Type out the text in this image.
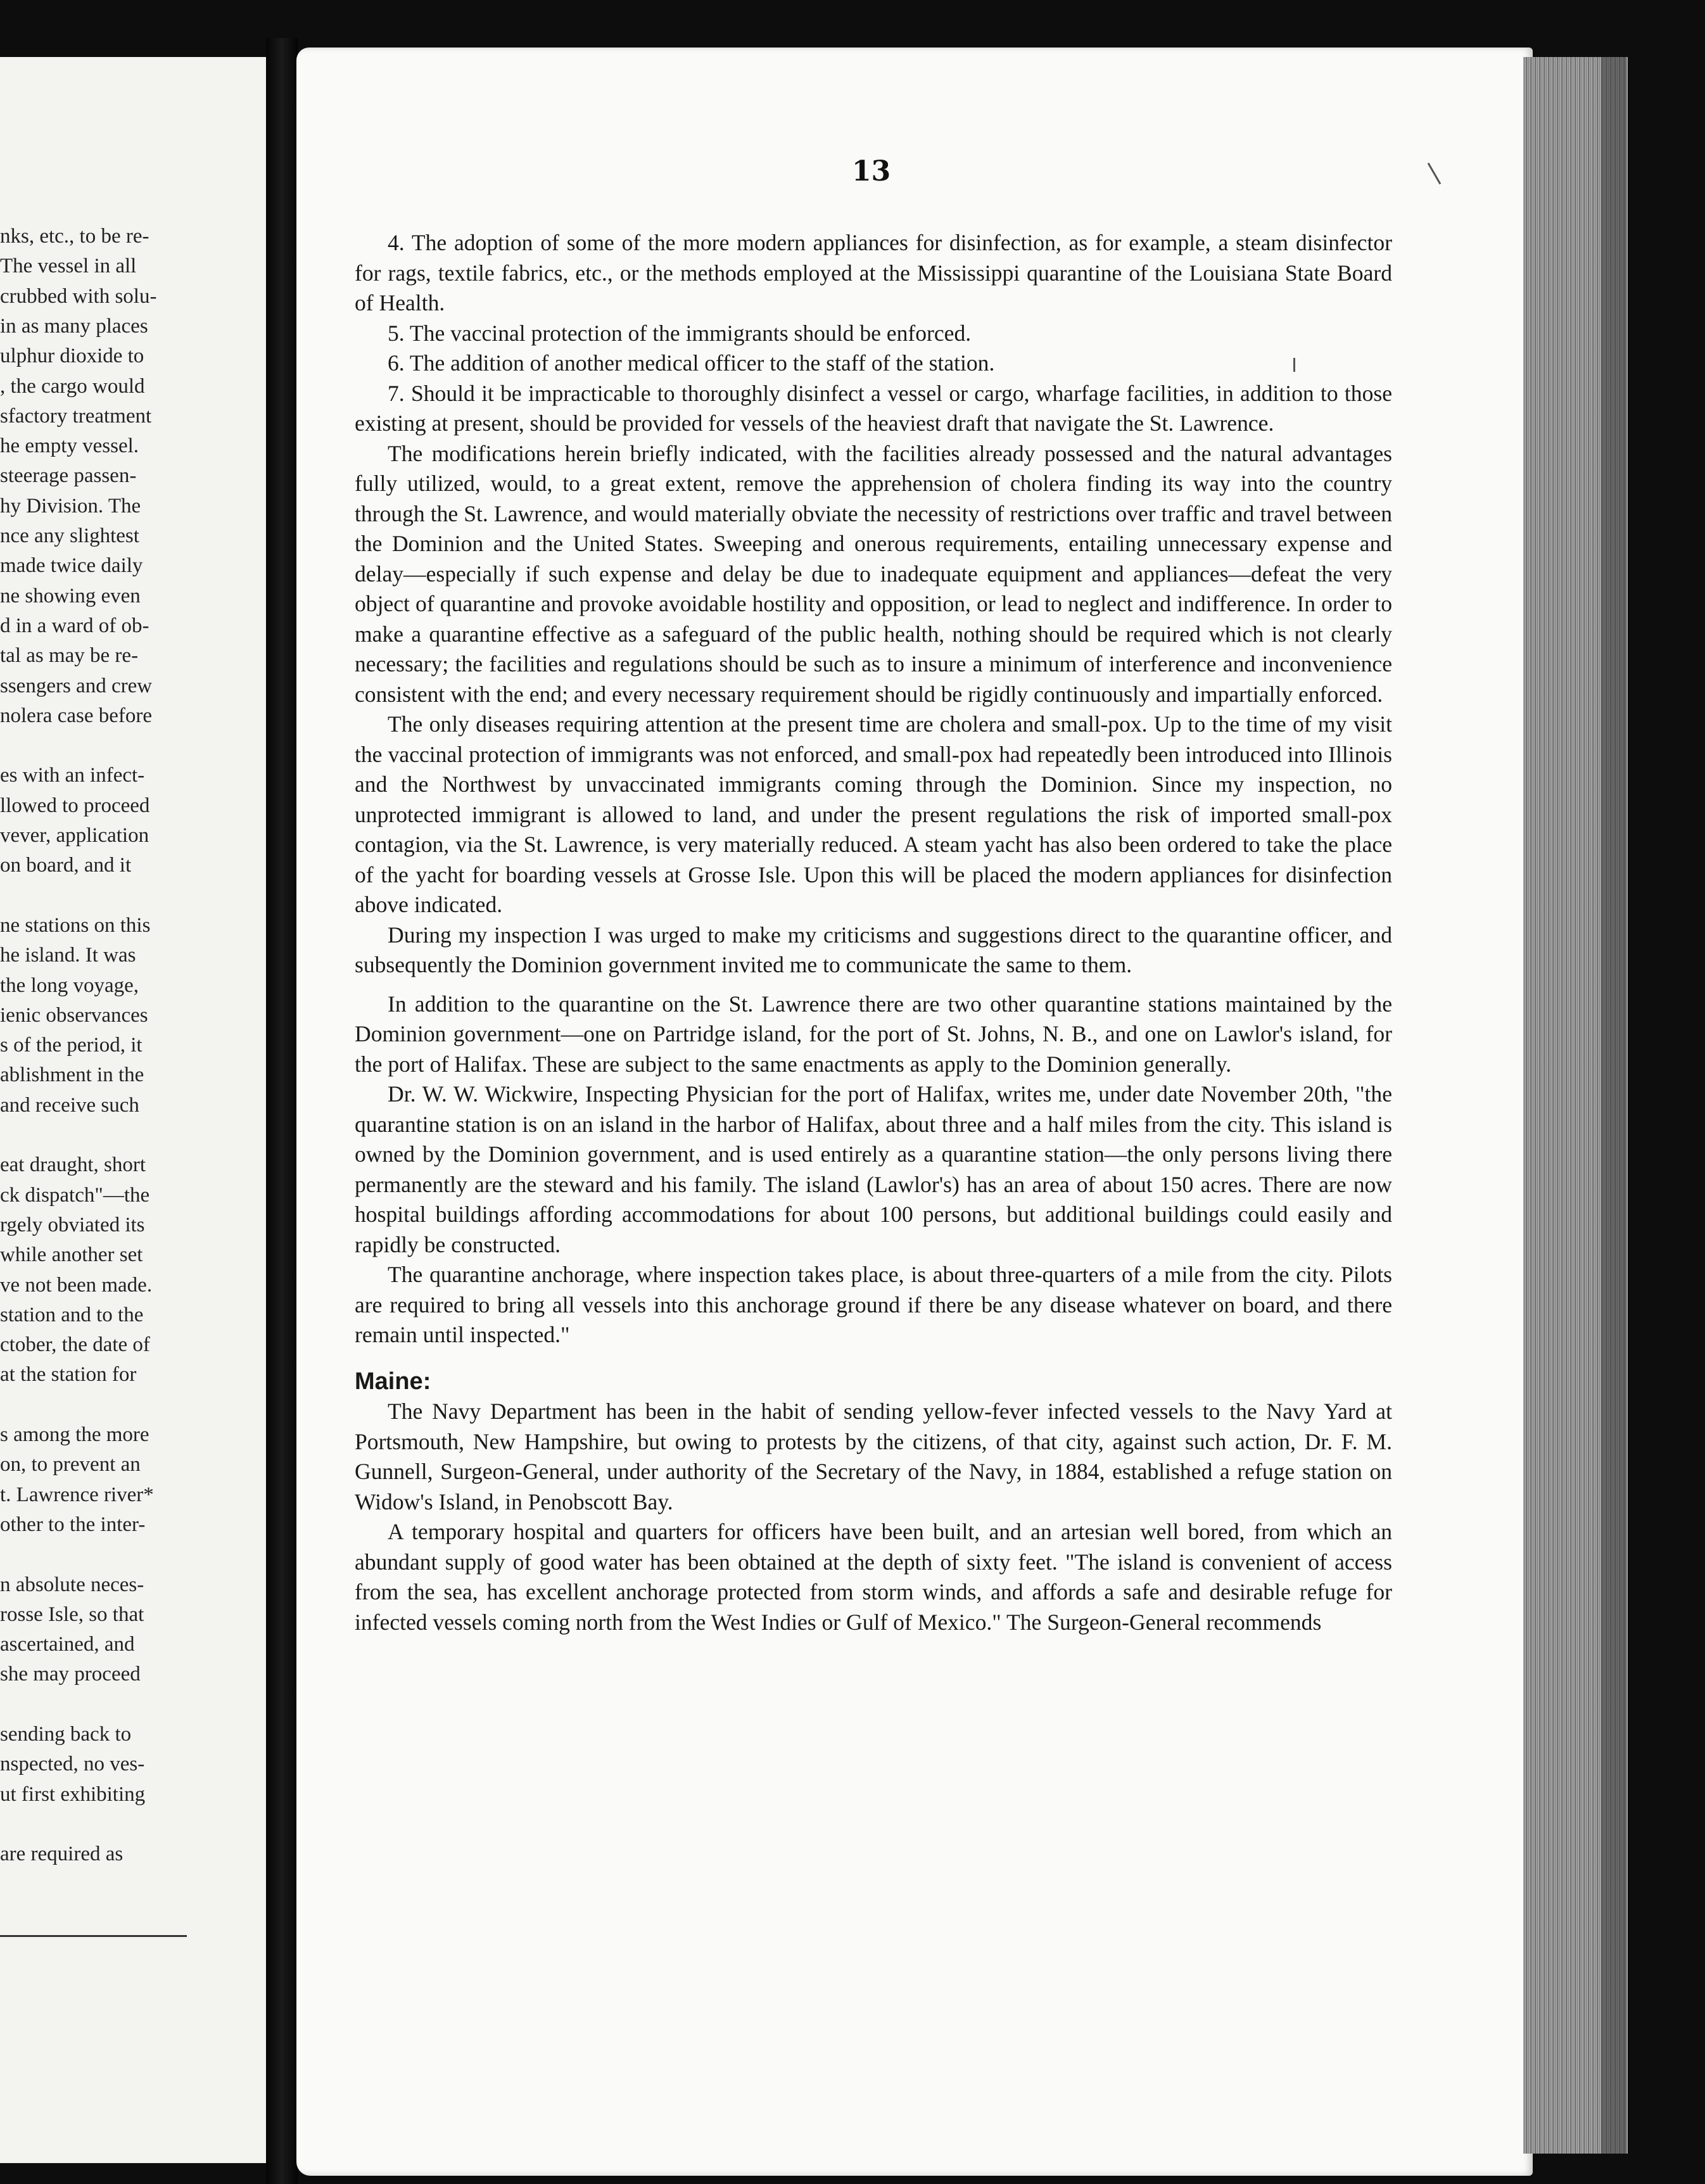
nks, etc., to be re-
The vessel in all
crubbed with solu-
in as many places
ulphur dioxide to
, the cargo would
sfactory treatment
he empty vessel.
steerage passen-
hy Division. The
nce any slightest
made twice daily
ne showing even
d in a ward of ob-
tal as may be re-
ssengers and crew
nolera case before
es with an infect-
llowed to proceed
vever, application
on board, and it
ne stations on this
he island. It was
the long voyage,
ienic observances
s of the period, it
ablishment in the
and receive such
eat draught, short
ck dispatch"—the
rgely obviated its
while another set
ve not been made.
station and to the
ctober, the date of
at the station for
s among the more
on, to prevent an
t. Lawrence river*
other to the inter-
n absolute neces-
rosse Isle, so that
ascertained, and
she may proceed
sending back to
nspected, no ves-
ut first exhibiting
are required as
13

4. The adoption of some of the more modern appliances for disinfection, as for example, a steam disinfector for rags, textile fabrics, etc., or the methods employed at the Mississippi quarantine of the Louisiana State Board of Health.

5. The vaccinal protection of the immigrants should be enforced.

6. The addition of another medical officer to the staff of the station.

7. Should it be impracticable to thoroughly disinfect a vessel or cargo, wharfage facilities, in addition to those existing at present, should be provided for vessels of the heaviest draft that navigate the St. Lawrence.

The modifications herein briefly indicated, with the facilities already possessed and the natural advantages fully utilized, would, to a great extent, remove the apprehension of cholera finding its way into the country through the St. Lawrence, and would materially obviate the necessity of restrictions over traffic and travel between the Dominion and the United States. Sweeping and onerous requirements, entailing unnecessary expense and delay—especially if such expense and delay be due to inadequate equipment and appliances—defeat the very object of quarantine and provoke avoidable hostility and opposition, or lead to neglect and indifference. In order to make a quarantine effective as a safeguard of the public health, nothing should be required which is not clearly necessary; the facilities and regulations should be such as to insure a minimum of interference and inconvenience consistent with the end; and every necessary requirement should be rigidly continuously and impartially enforced.

The only diseases requiring attention at the present time are cholera and small-pox. Up to the time of my visit the vaccinal protection of immigrants was not enforced, and small-pox had repeatedly been introduced into Illinois and the Northwest by unvaccinated immigrants coming through the Dominion. Since my inspection, no unprotected immigrant is allowed to land, and under the present regulations the risk of imported small-pox contagion, via the St. Lawrence, is very materially reduced. A steam yacht has also been ordered to take the place of the yacht for boarding vessels at Grosse Isle. Upon this will be placed the modern appliances for disinfection above indicated.

During my inspection I was urged to make my criticisms and suggestions direct to the quarantine officer, and subsequently the Dominion government invited me to communicate the same to them.

In addition to the quarantine on the St. Lawrence there are two other quarantine stations maintained by the Dominion government—one on Partridge island, for the port of St. Johns, N. B., and one on Lawlor's island, for the port of Halifax. These are subject to the same enactments as apply to the Dominion generally.

Dr. W. W. Wickwire, Inspecting Physician for the port of Halifax, writes me, under date November 20th, "the quarantine station is on an island in the harbor of Halifax, about three and a half miles from the city. This island is owned by the Dominion government, and is used entirely as a quarantine station—the only persons living there permanently are the steward and his family. The island (Lawlor's) has an area of about 150 acres. There are now hospital buildings affording accommodations for about 100 persons, but additional buildings could easily and rapidly be constructed.

The quarantine anchorage, where inspection takes place, is about three-quarters of a mile from the city. Pilots are required to bring all vessels into this anchorage ground if there be any disease whatever on board, and there remain until inspected."

Maine:

The Navy Department has been in the habit of sending yellow-fever infected vessels to the Navy Yard at Portsmouth, New Hampshire, but owing to protests by the citizens, of that city, against such action, Dr. F. M. Gunnell, Surgeon-General, under authority of the Secretary of the Navy, in 1884, established a refuge station on Widow's Island, in Penobscott Bay.

A temporary hospital and quarters for officers have been built, and an artesian well bored, from which an abundant supply of good water has been obtained at the depth of sixty feet. "The island is convenient of access from the sea, has excellent anchorage protected from storm winds, and affords a safe and desirable refuge for infected vessels coming north from the West Indies or Gulf of Mexico." The Surgeon-General recommends
